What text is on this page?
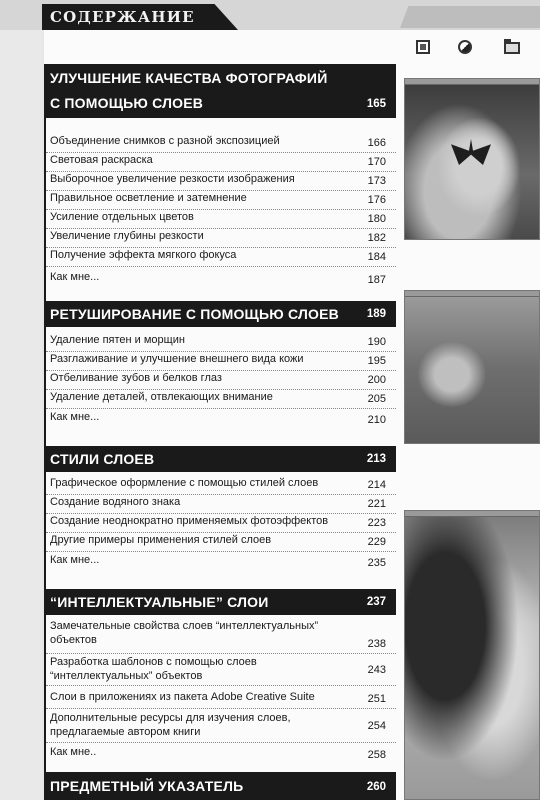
СОДЕРЖАНИЕ
УЛУЧШЕНИЕ КАЧЕСТВА ФОТОГРАФИЙ
С ПОМОЩЬЮ СЛОЕВ	165
Объединение снимков с разной экспозицией	166
Световая раскраска	170
Выборочное увеличение резкости изображения	173
Правильное осветление и затемнение	176
Усиление отдельных цветов	180
Увеличение глубины резкости	182
Получение эффекта мягкого фокуса	184
Как мне...	187
РЕТУШИРОВАНИЕ С ПОМОЩЬЮ СЛОЕВ 189
Удаление пятен и морщин	190
Разглаживание и улучшение внешнего вида кожи	195
Отбеливание зубов и белков глаз	200
Удаление деталей, отвлекающих внимание	205
Как мне...	210
СТИЛИ СЛОЕВ	213
Графическое оформление с помощью стилей слоев	214
Создание водяного знака	221
Создание неоднократно применяемых фотоэффектов	223
Другие примеры применения стилей слоев	229
Как мне...	235
“ИНТЕЛЛЕКТУАЛЬНЫЕ” СЛОИ	237
Замечательные свойства слоев “интеллектуальных”
объектов	238
Разработка шаблонов с помощью слоев
“интеллектуальных” объектов	243
Слои в приложениях из пакета Adobe Creative Suite	251
Дополнительные ресурсы для изучения слоев,
предлагаемые автором книги	254
Как мне..	258
ПРЕДМЕТНЫЙ УКАЗАТЕЛЬ	260
